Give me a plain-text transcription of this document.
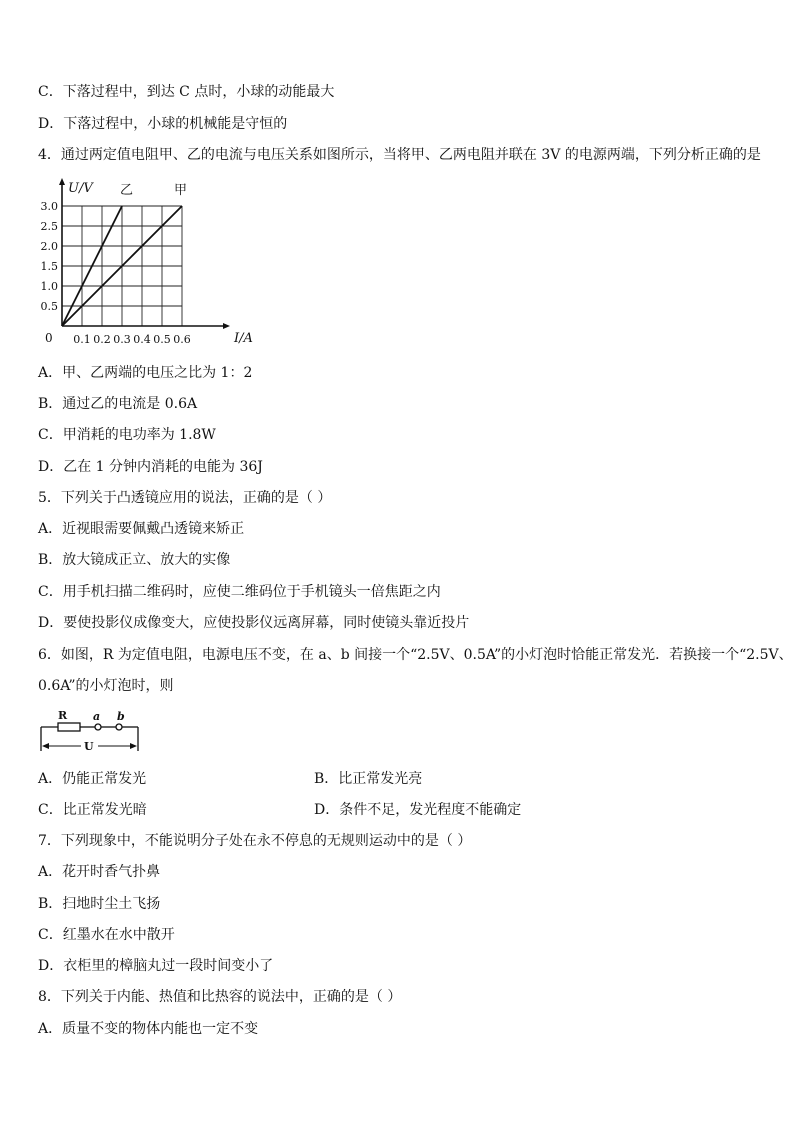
C．下落过程中，到达 C 点时，小球的动能最大
D．下落过程中，小球的机械能是守恒的
4．通过两定值电阻甲、乙的电流与电压关系如图所示，当将甲、乙两电阻并联在 3V 的电源两端，下列分析正确的是
0.1 0.2 0.3 0.4 0.5 0.6
0.5
1.0
1.5
2.0
2.5
3.0
U/V
I/A
0
乙	甲
A．甲、乙两端的电压之比为 1：2
B．通过乙的电流是 0.6A
C．甲消耗的电功率为 1.8W
D．乙在 1 分钟内消耗的电能为 36J
5．下列关于凸透镜应用的说法，正确的是（ ）
A．近视眼需要佩戴凸透镜来矫正
B．放大镜成正立、放大的实像
C．用手机扫描二维码时，应使二维码位于手机镜头一倍焦距之内
D．要使投影仪成像变大，应使投影仪远离屏幕，同时使镜头靠近投片
6．如图，R 为定值电阻，电源电压不变，在 a、b 间接一个“2.5V、0.5A”的小灯泡时恰能正常发光．若换接一个“2.5V、
0.6A”的小灯泡时，则
R a b
U
A．仍能正常发光	B．比正常发光亮
C．比正常发光暗	D．条件不足，发光程度不能确定
7．下列现象中，不能说明分子处在永不停息的无规则运动中的是（ ）
A．花开时香气扑鼻
B．扫地时尘土飞扬
C．红墨水在水中散开
D．衣柜里的樟脑丸过一段时间变小了
8．下列关于内能、热值和比热容的说法中，正确的是（ ）
A．质量不变的物体内能也一定不变
